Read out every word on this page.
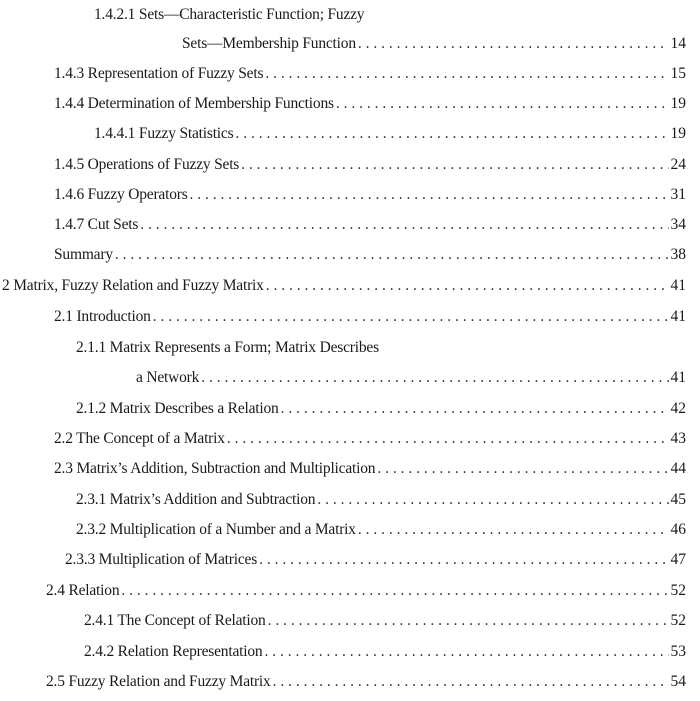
1.4.2.1 Sets—Characteristic Function; Fuzzy
Sets—Membership Function . . .	14
1.4.3 Representation of Fuzzy Sets . . .	15
1.4.4 Determination of Membership Functions . . .	19
1.4.4.1 Fuzzy Statistics . . .	19
1.4.5 Operations of Fuzzy Sets . . .	24
1.4.6 Fuzzy Operators . . .	31
1.4.7 Cut Sets . . .	34
Summary . . .	38
2 Matrix, Fuzzy Relation and Fuzzy Matrix . . .	41
2.1 Introduction . . .	41
2.1.1 Matrix Represents a Form; Matrix Describes
a Network . . .	41
2.1.2 Matrix Describes a Relation . . .	42
2.2 The Concept of a Matrix . . .	43
2.3 Matrix’s Addition, Subtraction and Multiplication . . .	44
2.3.1 Matrix’s Addition and Subtraction . . .	45
2.3.2 Multiplication of a Number and a Matrix . . .	46
2.3.3 Multiplication of Matrices . . .	47
2.4 Relation . . .	52
2.4.1 The Concept of Relation . . .	52
2.4.2 Relation Representation . . .	53
2.5 Fuzzy Relation and Fuzzy Matrix . . .	54
